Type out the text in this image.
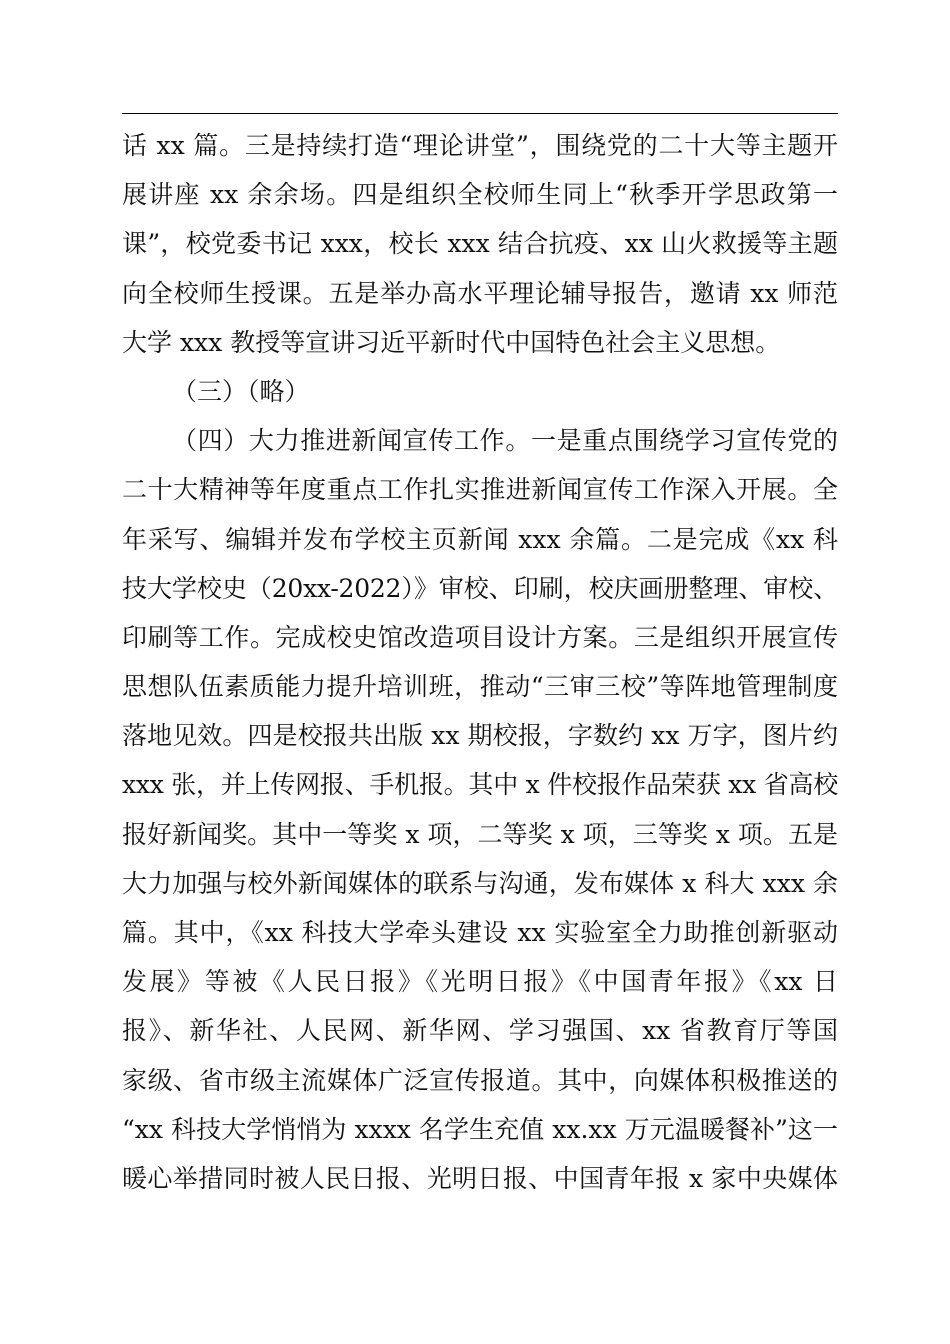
话 xx 篇。三是持续打造“理论讲堂”，围绕党的二十大等主题开
展讲座 xx 余余场。四是组织全校师生同上“秋季开学思政第一
课”，校党委书记 xxx，校长 xxx 结合抗疫、xx 山火救援等主题
向全校师生授课。五是举办高水平理论辅导报告，邀请 xx 师范
大学 xxx 教授等宣讲习近平新时代中国特色社会主义思想。
（三）（略）
（四）大力推进新闻宣传工作。一是重点围绕学习宣传党的
二十大精神等年度重点工作扎实推进新闻宣传工作深入开展。全
年采写、编辑并发布学校主页新闻 xxx 余篇。二是完成《xx 科
技大学校史（20xx-2022）》审校、印刷，校庆画册整理、审校、
印刷等工作。完成校史馆改造项目设计方案。三是组织开展宣传
思想队伍素质能力提升培训班，推动“三审三校”等阵地管理制度
落地见效。四是校报共出版 xx 期校报，字数约 xx 万字，图片约
xxx 张，并上传网报、手机报。其中 x 件校报作品荣获 xx 省高校
报好新闻奖。其中一等奖 x 项，二等奖 x 项，三等奖 x 项。五是
大力加强与校外新闻媒体的联系与沟通，发布媒体 x 科大 xxx 余
篇。其中，《xx 科技大学牵头建设 xx 实验室全力助推创新驱动
发展》等被《人民日报》《光明日报》《中国青年报》《xx 日
报》、新华社、人民网、新华网、学习强国、xx 省教育厅等国
家级、省市级主流媒体广泛宣传报道。其中，向媒体积极推送的
“xx 科技大学悄悄为 xxxx 名学生充值 xx.xx 万元温暖餐补”这一
暖心举措同时被人民日报、光明日报、中国青年报 x 家中央媒体
